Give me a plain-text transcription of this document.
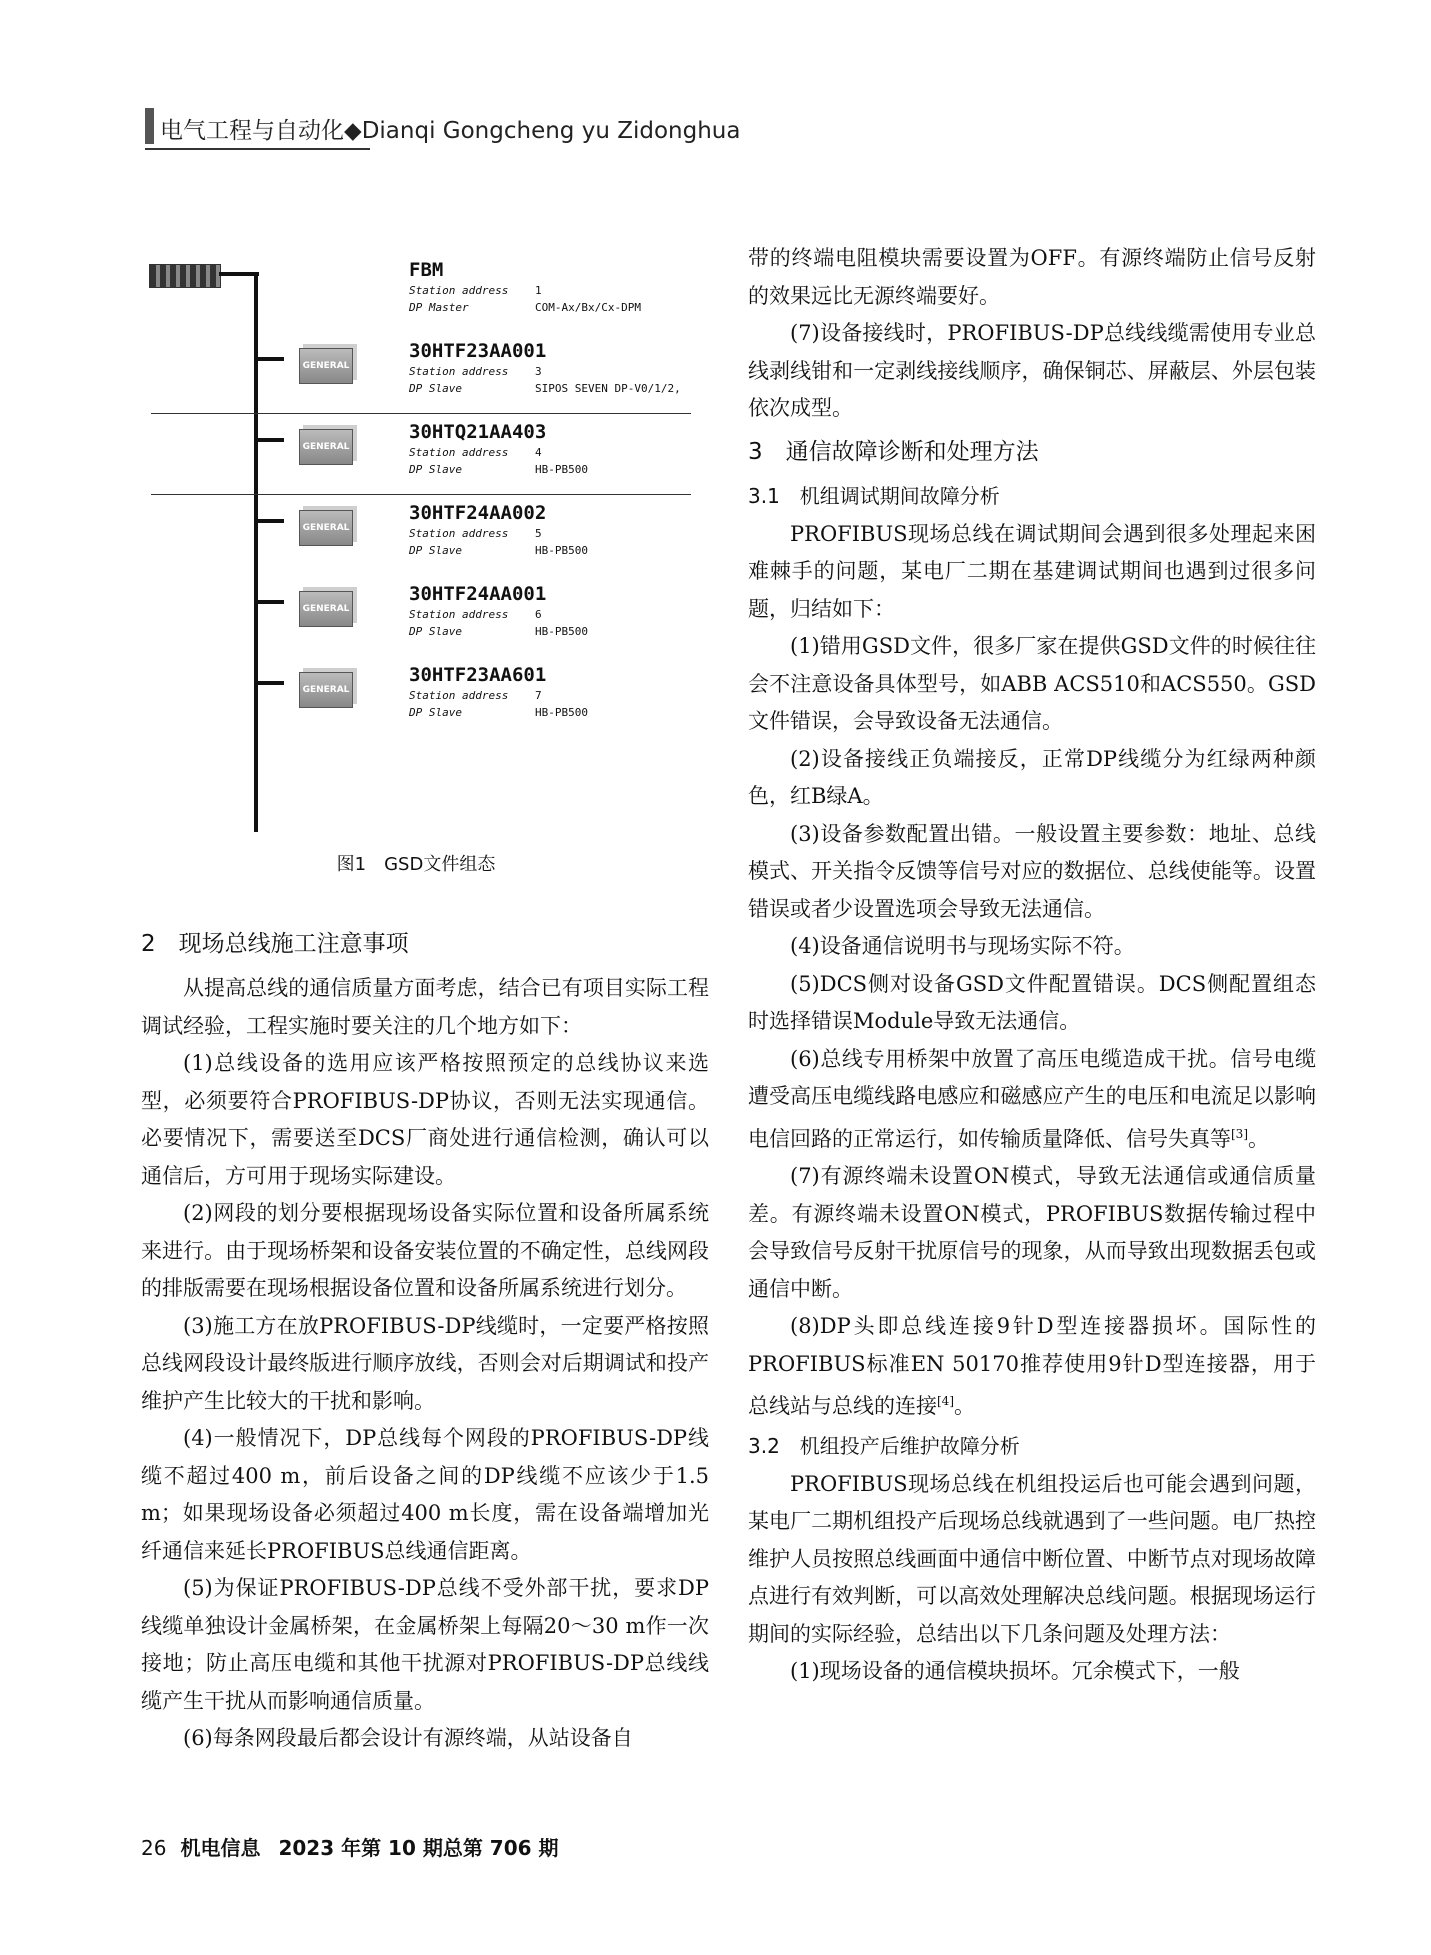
电气工程与自动化◆Dianqi Gongcheng yu Zidonghua
GENERAL
GENERAL
GENERAL
GENERAL
GENERAL
FBM
Station address 1
DP Master	COM-Ax/Bx/Cx-DPM
30HTF23AA001
Station address 3
DP Slave	SIPOS SEVEN DP-V0/1/2,
30HTQ21AA403
Station address 4
DP Slave	HB-PB500
30HTF24AA002
Station address 5
DP Slave	HB-PB500
30HTF24AA001
Station address 6
DP Slave	HB-PB500
30HTF23AA601
Station address 7
DP Slave	HB-PB500
图1　GSD文件组态
2　现场总线施工注意事项

从提高总线的通信质量方面考虑，结合已有项目实际工程调试经验，工程实施时要关注的几个地方如下：

(1)总线设备的选用应该严格按照预定的总线协议来选型，必须要符合PROFIBUS-DP协议，否则无法实现通信。必要情况下，需要送至DCS厂商处进行通信检测，确认可以通信后，方可用于现场实际建设。

(2)网段的划分要根据现场设备实际位置和设备所属系统来进行。由于现场桥架和设备安装位置的不确定性，总线网段的排版需要在现场根据设备位置和设备所属系统进行划分。

(3)施工方在放PROFIBUS-DP线缆时，一定要严格按照总线网段设计最终版进行顺序放线，否则会对后期调试和投产维护产生比较大的干扰和影响。

(4)一般情况下，DP总线每个网段的PROFIBUS-DP线缆不超过400 m，前后设备之间的DP线缆不应该少于1.5 m；如果现场设备必须超过400 m长度，需在设备端增加光纤通信来延长PROFIBUS总线通信距离。

(5)为保证PROFIBUS-DP总线不受外部干扰，要求DP线缆单独设计金属桥架，在金属桥架上每隔20～30 m作一次接地；防止高压电缆和其他干扰源对PROFIBUS-DP总线线缆产生干扰从而影响通信质量。

(6)每条网段最后都会设计有源终端，从站设备自

带的终端电阻模块需要设置为OFF。有源终端防止信号反射的效果远比无源终端要好。

(7)设备接线时，PROFIBUS-DP总线线缆需使用专业总线剥线钳和一定剥线接线顺序，确保铜芯、屏蔽层、外层包装依次成型。

3　通信故障诊断和处理方法
3.1　机组调试期间故障分析

PROFIBUS现场总线在调试期间会遇到很多处理起来困难棘手的问题，某电厂二期在基建调试期间也遇到过很多问题，归结如下：

(1)错用GSD文件，很多厂家在提供GSD文件的时候往往会不注意设备具体型号，如ABB ACS510和ACS550。GSD文件错误，会导致设备无法通信。

(2)设备接线正负端接反，正常DP线缆分为红绿两种颜色，红B绿A。

(3)设备参数配置出错。一般设置主要参数：地址、总线模式、开关指令反馈等信号对应的数据位、总线使能等。设置错误或者少设置选项会导致无法通信。

(4)设备通信说明书与现场实际不符。

(5)DCS侧对设备GSD文件配置错误。DCS侧配置组态时选择错误Module导致无法通信。

(6)总线专用桥架中放置了高压电缆造成干扰。信号电缆遭受高压电缆线路电感应和磁感应产生的电压和电流足以影响电信回路的正常运行，如传输质量降低、信号失真等[3]。

(7)有源终端未设置ON模式，导致无法通信或通信质量差。有源终端未设置ON模式，PROFIBUS数据传输过程中会导致信号反射干扰原信号的现象，从而导致出现数据丢包或通信中断。

(8)DP头即总线连接9针D型连接器损坏。国际性的PROFIBUS标准EN 50170推荐使用9针D型连接器，用于总线站与总线的连接[4]。

3.2　机组投产后维护故障分析

PROFIBUS现场总线在机组投运后也可能会遇到问题，某电厂二期机组投产后现场总线就遇到了一些问题。电厂热控维护人员按照总线画面中通信中断位置、中断节点对现场故障点进行有效判断，可以高效处理解决总线问题。根据现场运行期间的实际经验，总结出以下几条问题及处理方法：

(1)现场设备的通信模块损坏。冗余模式下，一般

26 机电信息 2023 年第 10 期总第 706 期
